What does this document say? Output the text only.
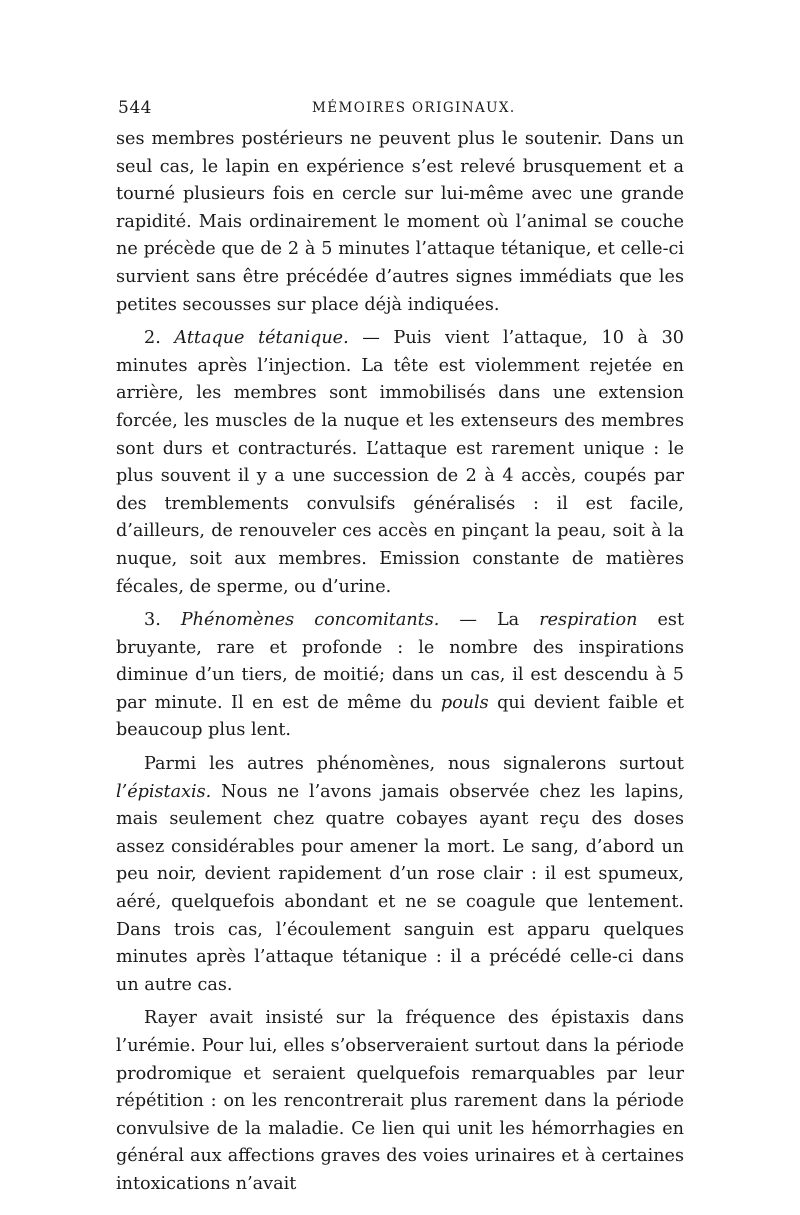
544	MÉMOIRES ORIGINAUX.

ses membres postérieurs ne peuvent plus le soutenir. Dans un seul cas, le lapin en expérience s’est relevé brusquement et a tourné plusieurs fois en cercle sur lui-même avec une grande rapidité. Mais ordinairement le moment où l’animal se couche ne précède que de 2 à 5 minutes l’attaque tétanique, et celle-ci survient sans être précédée d’autres signes immédiats que les petites secousses sur place déjà indiquées.

2. Attaque tétanique. — Puis vient l’attaque, 10 à 30 minutes après l’injection. La tête est violemment rejetée en arrière, les membres sont immobilisés dans une extension forcée, les muscles de la nuque et les extenseurs des membres sont durs et contracturés. L’attaque est rarement unique : le plus souvent il y a une succession de 2 à 4 accès, coupés par des tremblements convulsifs généralisés : il est facile, d’ailleurs, de renouveler ces accès en pinçant la peau, soit à la nuque, soit aux membres. Emission constante de matières fécales, de sperme, ou d’urine.

3. Phénomènes concomitants. — La respiration est bruyante, rare et profonde : le nombre des inspirations diminue d’un tiers, de moitié; dans un cas, il est descendu à 5 par minute. Il en est de même du pouls qui devient faible et beaucoup plus lent.

Parmi les autres phénomènes, nous signalerons surtout l’épistaxis. Nous ne l’avons jamais observée chez les lapins, mais seulement chez quatre cobayes ayant reçu des doses assez considérables pour amener la mort. Le sang, d’abord un peu noir, devient rapidement d’un rose clair : il est spumeux, aéré, quelquefois abondant et ne se coagule que lentement. Dans trois cas, l’écoulement sanguin est apparu quelques minutes après l’attaque tétanique : il a précédé celle-ci dans un autre cas.

Rayer avait insisté sur la fréquence des épistaxis dans l’urémie. Pour lui, elles s’observeraient surtout dans la période prodromique et seraient quelquefois remarquables par leur répétition : on les rencontrerait plus rarement dans la période convulsive de la maladie. Ce lien qui unit les hémorrhagies en général aux affections graves des voies urinaires et à certaines intoxications n’avait
